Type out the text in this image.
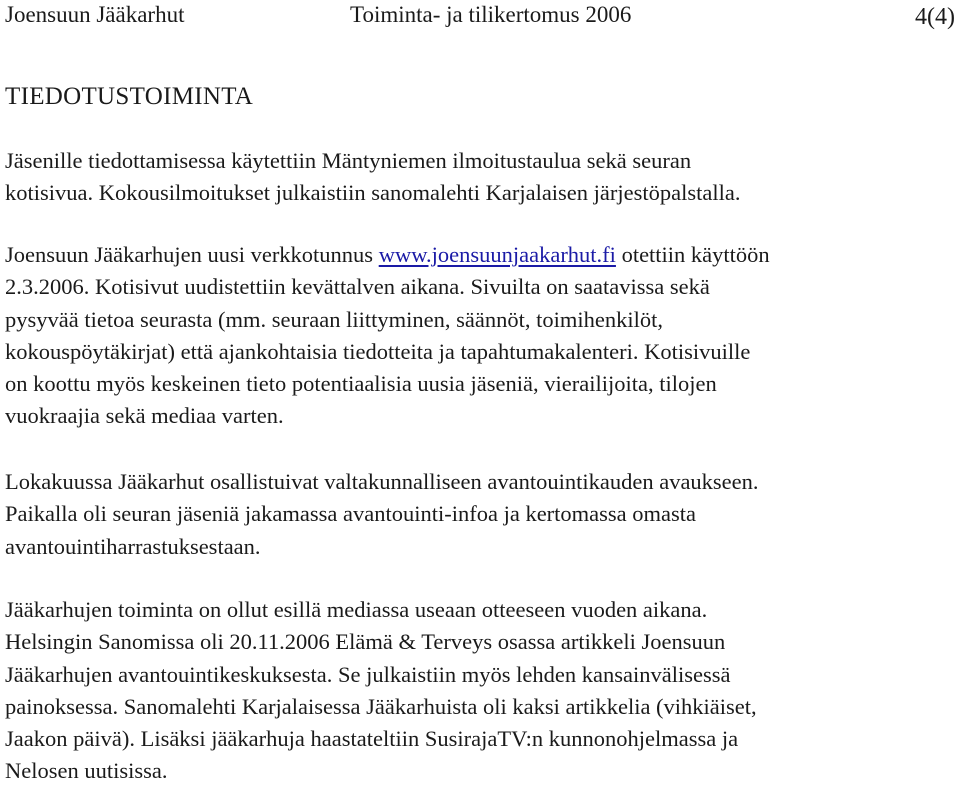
Joensuun Jääkarhut	Toiminta- ja tilikertomus 2006	4(4)
TIEDOTUSTOIMINTA

Jäsenille tiedottamisessa käytettiin Mäntyniemen ilmoitustaulua sekä seuran
kotisivua. Kokousilmoitukset julkaistiin sanomalehti Karjalaisen järjestöpalstalla.

Joensuun Jääkarhujen uusi verkkotunnus www.joensuunjaakarhut.fi otettiin käyttöön
2.3.2006. Kotisivut uudistettiin kevättalven aikana. Sivuilta on saatavissa sekä
pysyvää tietoa seurasta (mm. seuraan liittyminen, säännöt, toimihenkilöt,
kokouspöytäkirjat) että ajankohtaisia tiedotteita ja tapahtumakalenteri. Kotisivuille
on koottu myös keskeinen tieto potentiaalisia uusia jäseniä, vierailijoita, tilojen
vuokraajia sekä mediaa varten.

Lokakuussa Jääkarhut osallistuivat valtakunnalliseen avantouintikauden avaukseen.
Paikalla oli seuran jäseniä jakamassa avantouinti-infoa ja kertomassa omasta
avantouintiharrastuksestaan.

Jääkarhujen toiminta on ollut esillä mediassa useaan otteeseen vuoden aikana.
Helsingin Sanomissa oli 20.11.2006 Elämä & Terveys osassa artikkeli Joensuun
Jääkarhujen avantouintikeskuksesta. Se julkaistiin myös lehden kansainvälisessä
painoksessa. Sanomalehti Karjalaisessa Jääkarhuista oli kaksi artikkelia (vihkiäiset,
Jaakon päivä). Lisäksi jääkarhuja haastateltiin SusirajaTV:n kunnonohjelmassa ja
Nelosen uutisissa.
